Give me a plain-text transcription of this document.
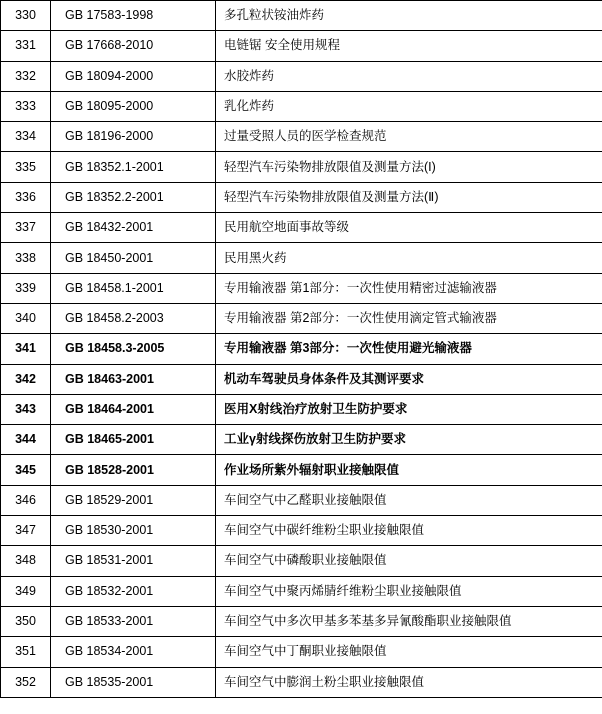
330	GB 17583-1998	多孔粒状铵油炸药
331	GB 17668-2010	电链锯 安全使用规程
332	GB 18094-2000	水胶炸药
333	GB 18095-2000	乳化炸药
334	GB 18196-2000	过量受照人员的医学检查规范
335	GB 18352.1-2001	轻型汽车污染物排放限值及测量方法(I)
336	GB 18352.2-2001	轻型汽车污染物排放限值及测量方法(Ⅱ)
337	GB 18432-2001	民用航空地面事故等级
338	GB 18450-2001	民用黑火药
339	GB 18458.1-2001	专用输液器 第1部分：一次性使用精密过滤输液器
340	GB 18458.2-2003	专用输液器 第2部分：一次性使用滴定管式输液器
341	GB 18458.3-2005	专用输液器 第3部分：一次性使用避光输液器
342	GB 18463-2001	机动车驾驶员身体条件及其测评要求
343	GB 18464-2001	医用X射线治疗放射卫生防护要求
344	GB 18465-2001	工业γ射线探伤放射卫生防护要求
345	GB 18528-2001	作业场所紫外辐射职业接触限值
346	GB 18529-2001	车间空气中乙醛职业接触限值
347	GB 18530-2001	车间空气中碳纤维粉尘职业接触限值
348	GB 18531-2001	车间空气中磷酸职业接触限值
349	GB 18532-2001	车间空气中聚丙烯腈纤维粉尘职业接触限值
350	GB 18533-2001	车间空气中多次甲基多苯基多异氰酸酯职业接触限值
351	GB 18534-2001	车间空气中丁酮职业接触限值
352	GB 18535-2001	车间空气中膨润土粉尘职业接触限值
